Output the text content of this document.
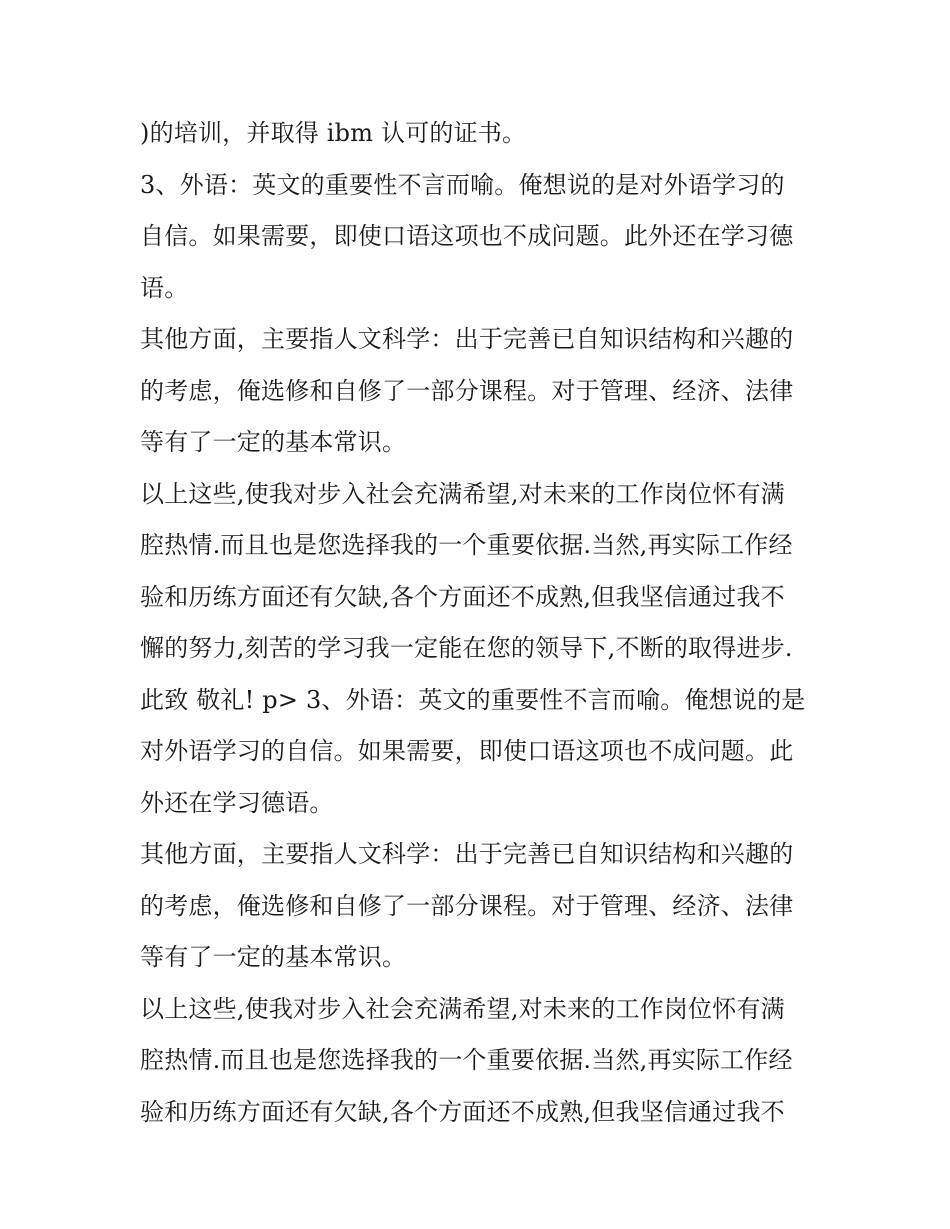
)的培训，并取得 ibm 认可的证书。
3、外语：英文的重要性不言而喻。俺想说的是对外语学习的
自信。如果需要，即使口语这项也不成问题。此外还在学习德
语。
其他方面，主要指人文科学：出于完善已自知识结构和兴趣的
的考虑，俺选修和自修了一部分课程。对于管理、经济、法律
等有了一定的基本常识。
以上这些,使我对步入社会充满希望,对未来的工作岗位怀有满
腔热情.而且也是您选择我的一个重要依据.当然,再实际工作经
验和历练方面还有欠缺,各个方面还不成熟,但我坚信通过我不
懈的努力,刻苦的学习我一定能在您的领导下,不断的取得进步.
此致 敬礼! p> 3、外语：英文的重要性不言而喻。俺想说的是
对外语学习的自信。如果需要，即使口语这项也不成问题。此
外还在学习德语。
其他方面，主要指人文科学：出于完善已自知识结构和兴趣的
的考虑，俺选修和自修了一部分课程。对于管理、经济、法律
等有了一定的基本常识。
以上这些,使我对步入社会充满希望,对未来的工作岗位怀有满
腔热情.而且也是您选择我的一个重要依据.当然,再实际工作经
验和历练方面还有欠缺,各个方面还不成熟,但我坚信通过我不
